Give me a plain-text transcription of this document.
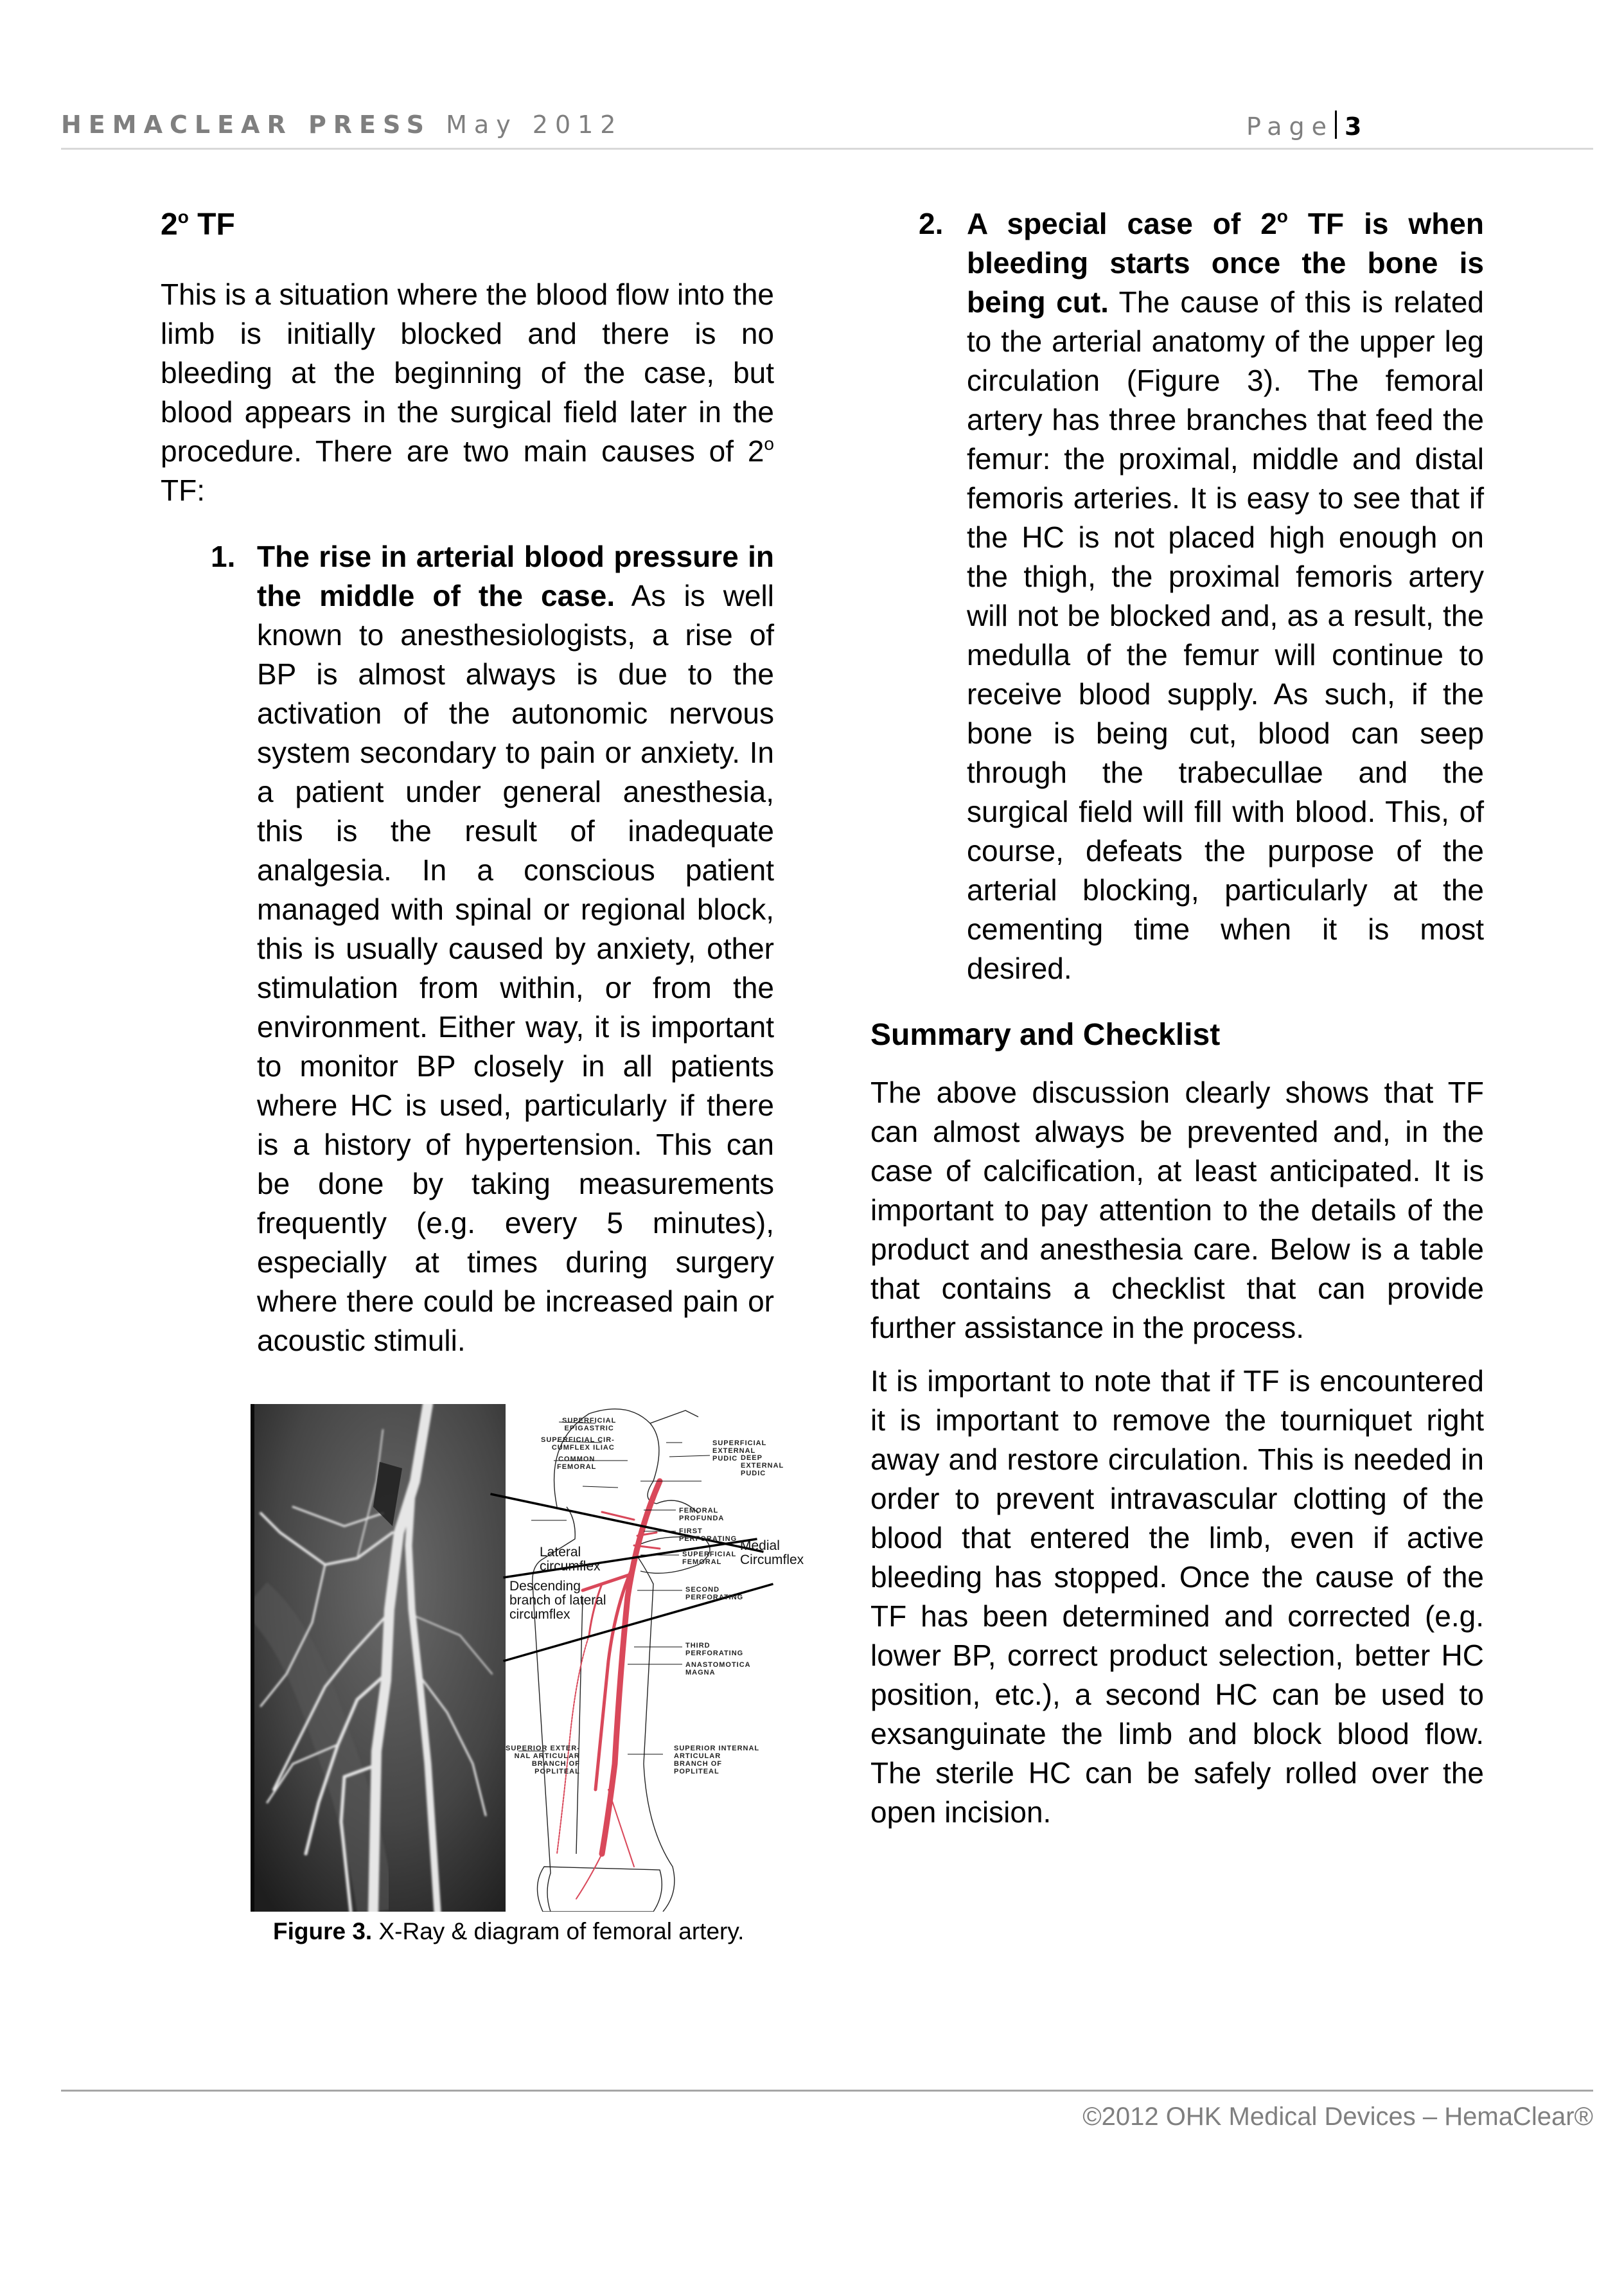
HEMACLEAR PRESS May 2012	Page 3
2$^o$ TF

This is a situation where the blood flow into the limb is initially blocked and there is no bleeding at the beginning of the case, but blood appears in the surgical field later in the procedure. There are two main causes of 2$^o$ TF:

1. The rise in arterial blood pressure in the middle of the case. As is well known to anesthesiologists, a rise of BP is almost always is due to the activation of the autonomic nervous system secondary to pain or anxiety. In a patient under general anesthesia, this is the result of inadequate analgesia. In a conscious patient managed with spinal or regional block, this is usually caused by anxiety, other stimulation from within, or from the environment. Either way, it is important to monitor BP closely in all patients where HC is used, particularly if there is a history of hypertension. This can be done by taking measurements frequently (e.g. every 5 minutes), especially at times during surgery where there could be increased pain or acoustic stimuli.
SUPERFICIAL
EPIGASTRIC
SUPERFICIAL CIR-
CUMFLEX ILIAC
COMMON
FEMORAL
SUPERFICIAL
EXTERNAL
PUDIC DEEP
EXTERNAL
PUDIC
FEMORAL
PROFUNDA
FIRST
PERFORATING
SUPERFICIAL
FEMORAL
SECOND
PERFORATING
THIRD
PERFORATING
ANASTOMOTICA
MAGNA
SUPERIOR EXTER-
NAL ARTICULAR
BRANCH OF
POPLITEAL
SUPERIOR INTERNAL
ARTICULAR
BRANCH OF
POPLITEAL
Lateral
circumflex
Medial
Circumflex
Descending
branch of lateral
circumflex
Figure 3. X-Ray & diagram of femoral artery.
2. A special case of 2$^o$ TF is when bleeding starts once the bone is being cut. The cause of this is related to the arterial anatomy of the upper leg circulation (Figure 3). The femoral artery has three branches that feed the femur: the proximal, middle and distal femoris arteries. It is easy to see that if the HC is not placed high enough on the thigh, the proximal femoris artery will not be blocked and, as a result, the medulla of the femur will continue to receive blood supply. As such, if the bone is being cut, blood can seep through the trabecullae and the surgical field will fill with blood. This, of course, defeats the purpose of the arterial blocking, particularly at the cementing time when it is most desired.
Summary and Checklist

The above discussion clearly shows that TF can almost always be prevented and, in the case of calcification, at least anticipated. It is important to pay attention to the details of the product and anesthesia care. Below is a table that contains a checklist that can provide further assistance in the process.

It is important to note that if TF is encountered it is important to remove the tourniquet right away and restore circulation. This is needed in order to prevent intravascular clotting of the blood that entered the limb, even if active bleeding has stopped. Once the cause of the TF has been determined and corrected (e.g. lower BP, correct product selection, better HC position, etc.), a second HC can be used to exsanguinate the limb and block blood flow. The sterile HC can be safely rolled over the open incision.

©2012 OHK Medical Devices – HemaClear®
